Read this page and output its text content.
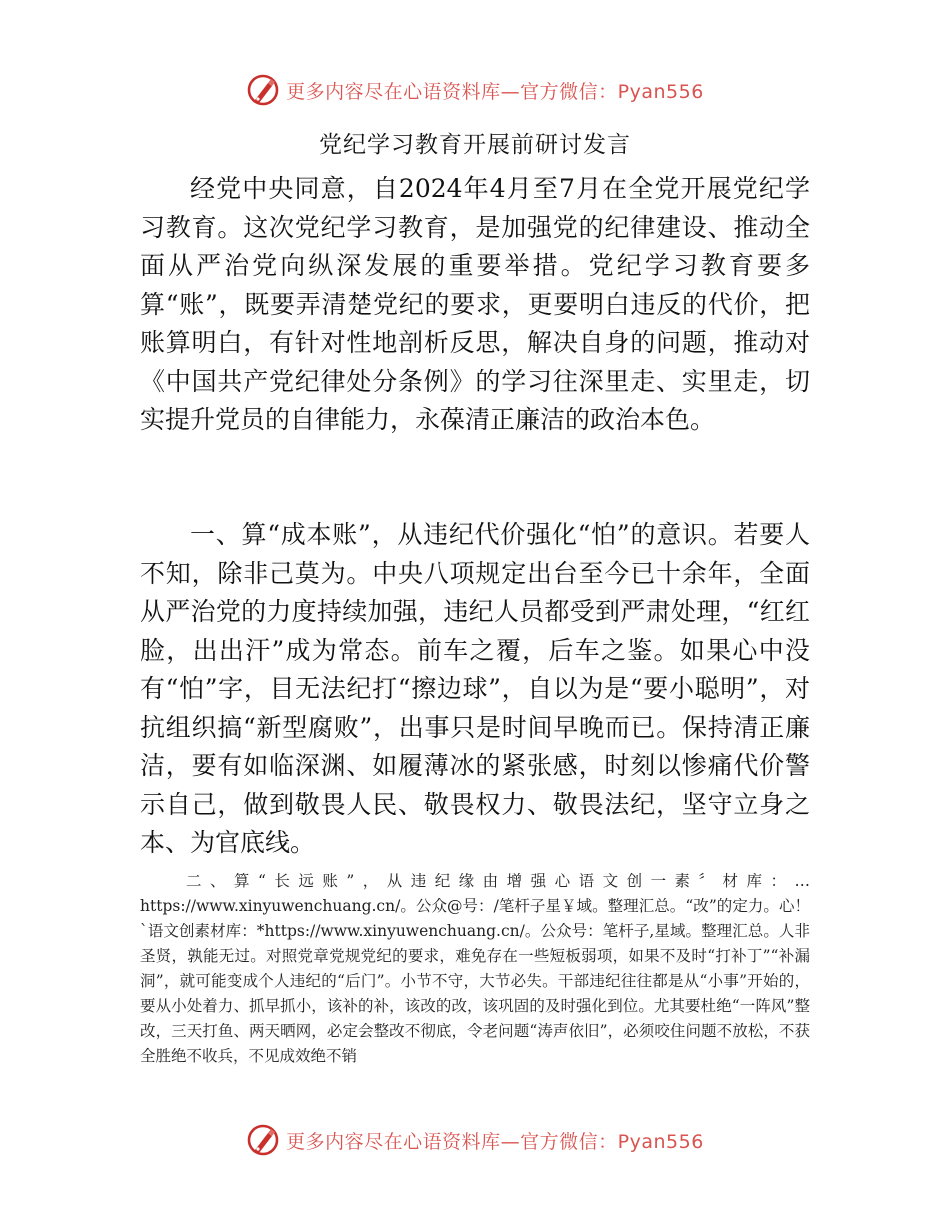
更多内容尽在心语资料库—官方微信：Pyan556
党纪学习教育开展前研讨发言

经党中央同意，自2024年4月至7月在全党开展党纪学习教育。这次党纪学习教育，是加强党的纪律建设、推动全面从严治党向纵深发展的重要举措。党纪学习教育要多算“账”，既要弄清楚党纪的要求，更要明白违反的代价，把账算明白，有针对性地剖析反思，解决自身的问题，推动对《中国共产党纪律处分条例》的学习往深里走、实里走，切实提升党员的自律能力，永葆清正廉洁的政治本色。

一、算“成本账”，从违纪代价强化“怕”的意识。若要人不知，除非己莫为。中央八项规定出台至今已十余年，全面从严治党的力度持续加强，违纪人员都受到严肃处理，“红红脸，出出汗”成为常态。前车之覆，后车之鉴。如果心中没有“怕”字，目无法纪打“擦边球”，自以为是“要小聪明”，对抗组织搞“新型腐败”，出事只是时间早晚而已。保持清正廉洁，要有如临深渊、如履薄冰的紧张感，时刻以惨痛代价警示自己，做到敬畏人民、敬畏权力、敬畏法纪，坚守立身之本、为官底线。

二、算“长远账”，从违纪缘由增强心语文创一素〞材库：…https://www.xinyuwenchuang.cn/。公众@号：/笔杆子星￥域。整理汇总。“改”的定力。心！`语文创素材库：*https://www.xinyuwenchuang.cn/。公众号：笔杆子,星域。整理汇总。人非圣贤，孰能无过。对照党章党规党纪的要求，难免存在一些短板弱项，如果不及时“打补丁”“补漏洞”，就可能变成个人违纪的“后门”。小节不守，大节必失。干部违纪往往都是从“小事”开始的，要从小处着力、抓早抓小，该补的补，该改的改，该巩固的及时强化到位。尤其要杜绝“一阵风”整改，三天打鱼、两天晒网，必定会整改不彻底，令老问题“涛声依旧”，必须咬住问题不放松，不获全胜绝不收兵，不见成效绝不销

更多内容尽在心语资料库—官方微信：Pyan556
